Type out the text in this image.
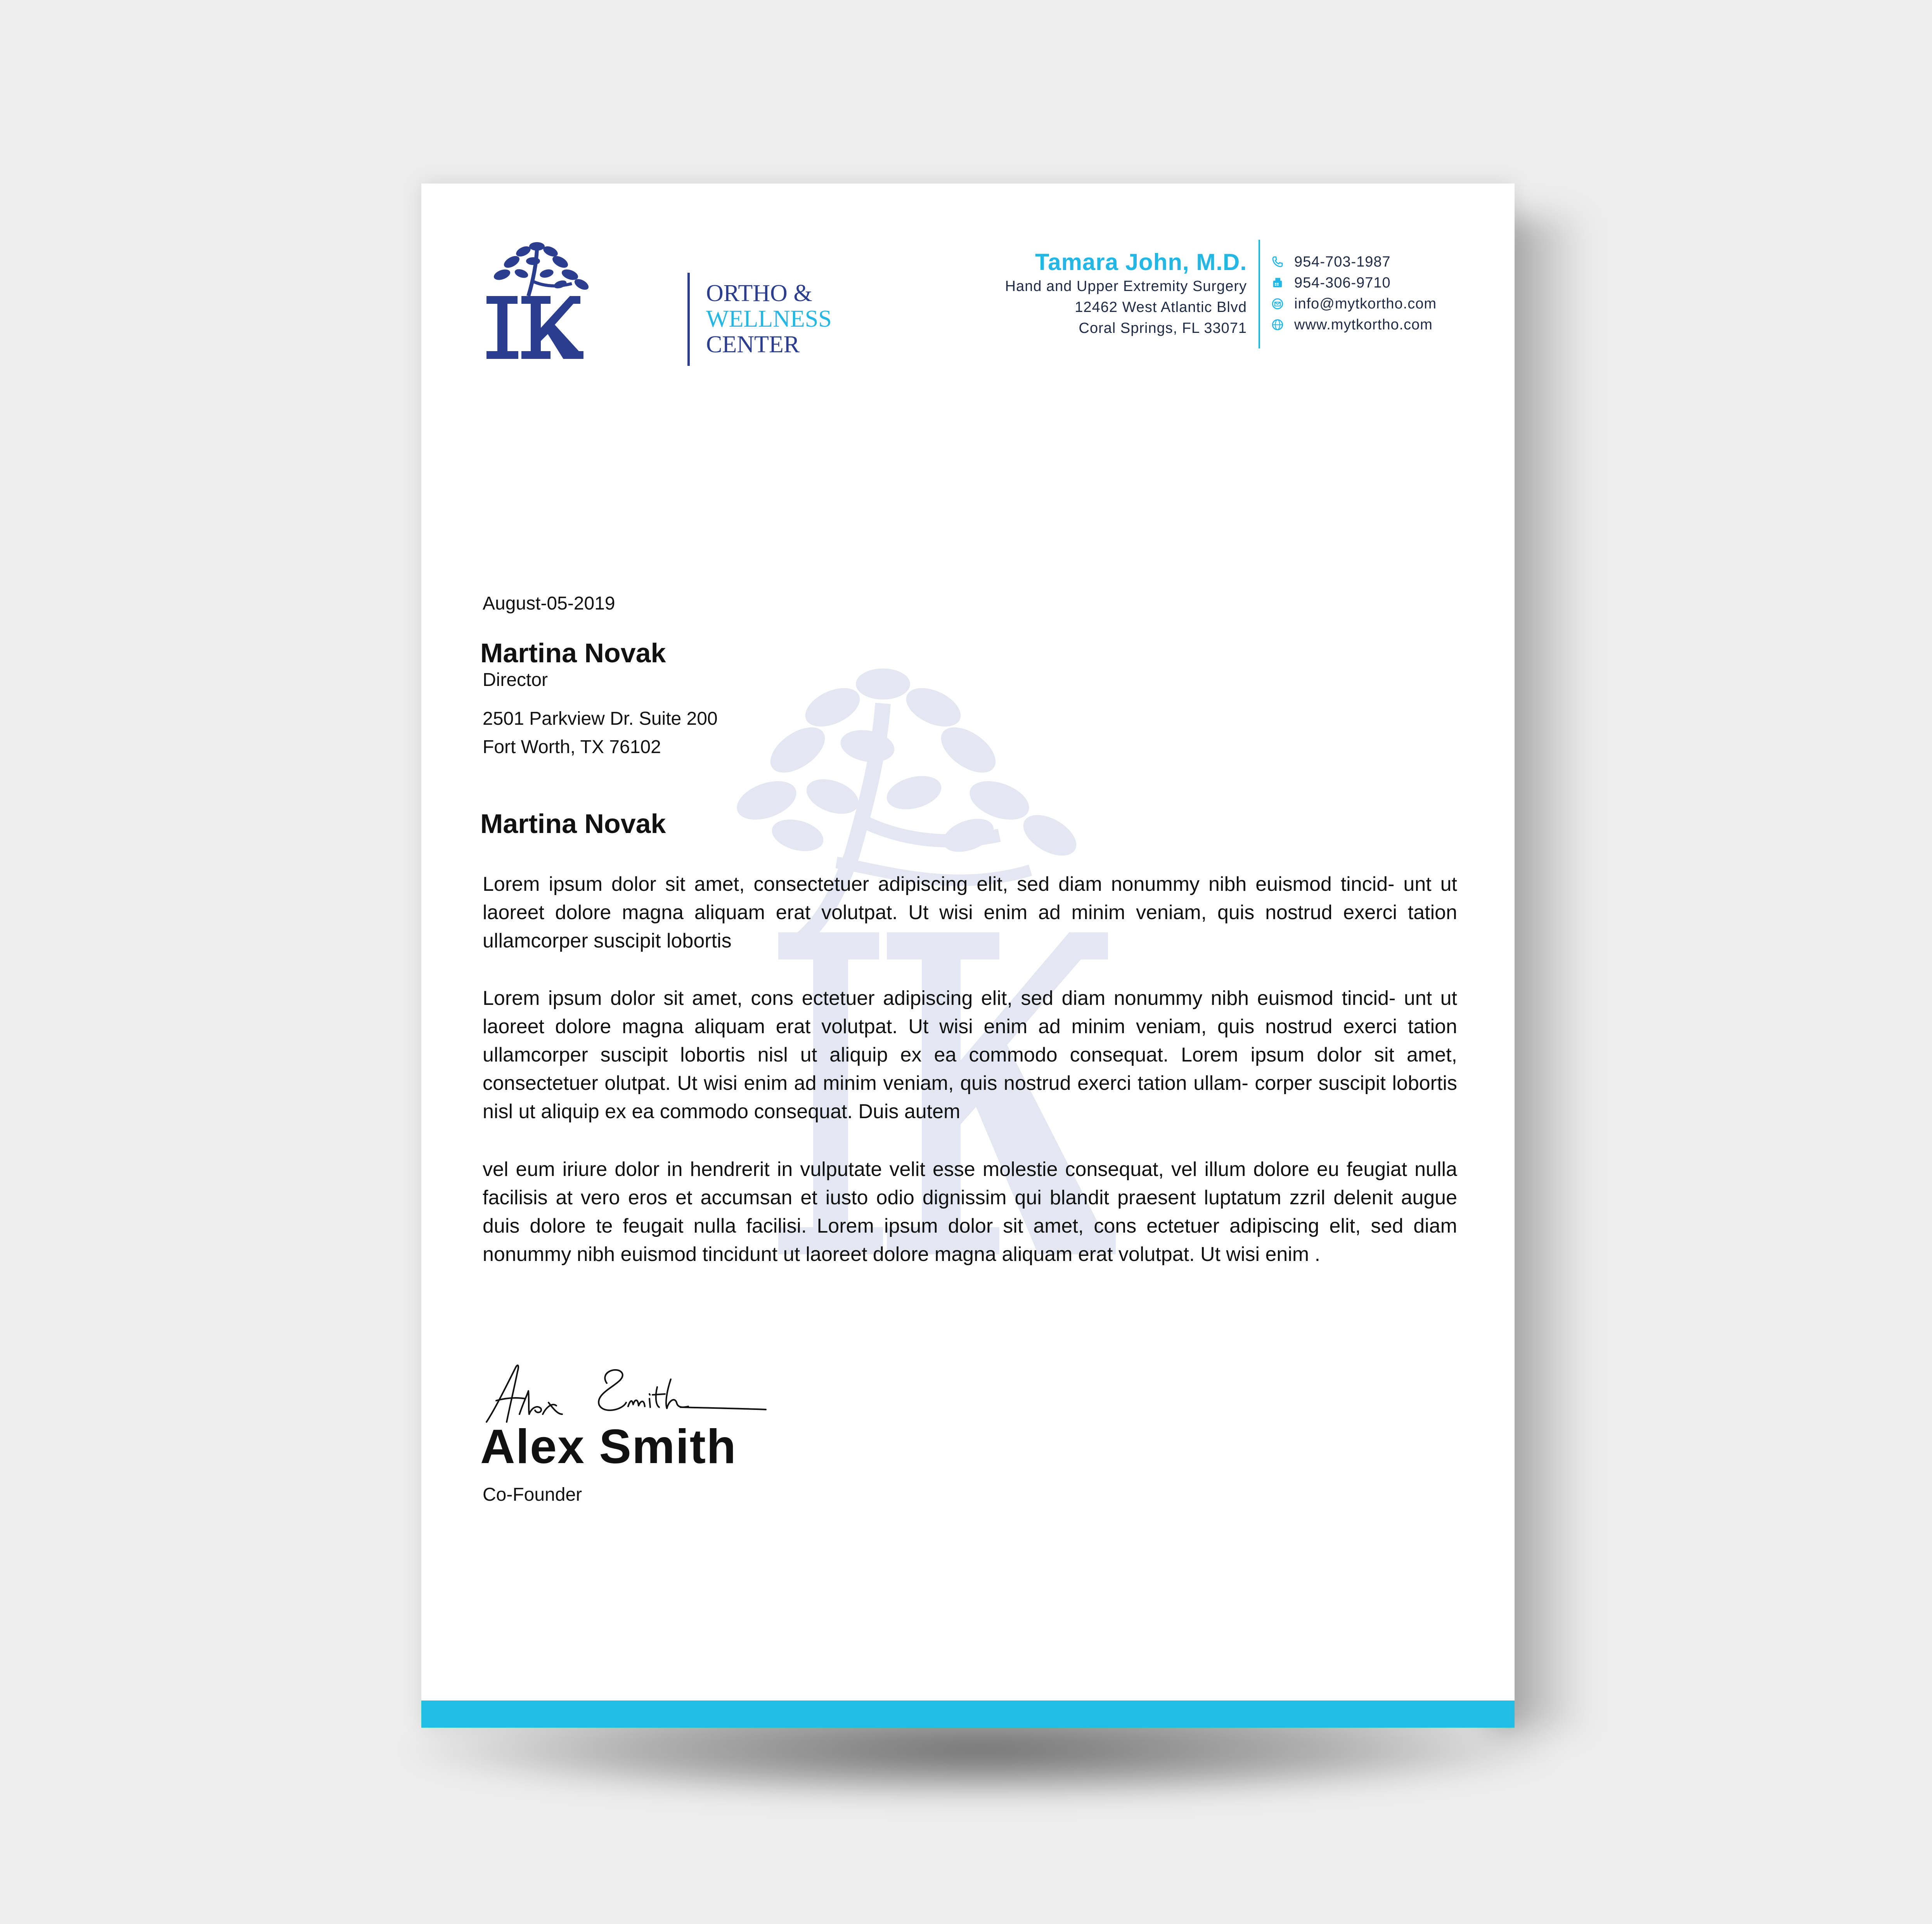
ORTHO &
WELLNESS
CENTER
Tamara John, M.D.
Hand and Upper Extremity Surgery
12462 West Atlantic Blvd
Coral Springs, FL 33071
954-703-1987
954-306-9710
info@mytkortho.com
www.mytkortho.com
August-05-2019
Martina Novak
Director
2501 Parkview Dr. Suite 200
Fort Worth, TX 76102
Martina Novak
Lorem ipsum dolor sit amet, consectetuer adipiscing elit, sed diam nonummy nibh euismod tincid- unt ut laoreet dolore magna aliquam erat volutpat. Ut wisi enim ad minim veniam, quis nostrud exerci tation ullamcorper suscipit lobortis
Lorem ipsum dolor sit amet, cons ectetuer adipiscing elit, sed diam nonummy nibh euismod tincid- unt ut laoreet dolore magna aliquam erat volutpat. Ut wisi enim ad minim veniam, quis nostrud exerci tation ullamcorper suscipit lobortis nisl ut aliquip ex ea commodo consequat. Lorem ipsum dolor sit amet, consectetuer olutpat. Ut wisi enim ad minim veniam, quis nostrud exerci tation ullam- corper suscipit lobortis nisl ut aliquip ex ea commodo consequat. Duis autem
vel eum iriure dolor in hendrerit in vulputate velit esse molestie consequat, vel illum dolore eu feugiat nulla facilisis at vero eros et accumsan et iusto odio dignissim qui blandit praesent luptatum zzril delenit augue duis dolore te feugait nulla facilisi. Lorem ipsum dolor sit amet, cons ectetuer adipiscing elit, sed diam nonummy nibh euismod tincidunt ut laoreet dolore magna aliquam erat volutpat. Ut wisi enim .
Alex Smith
Co-Founder
